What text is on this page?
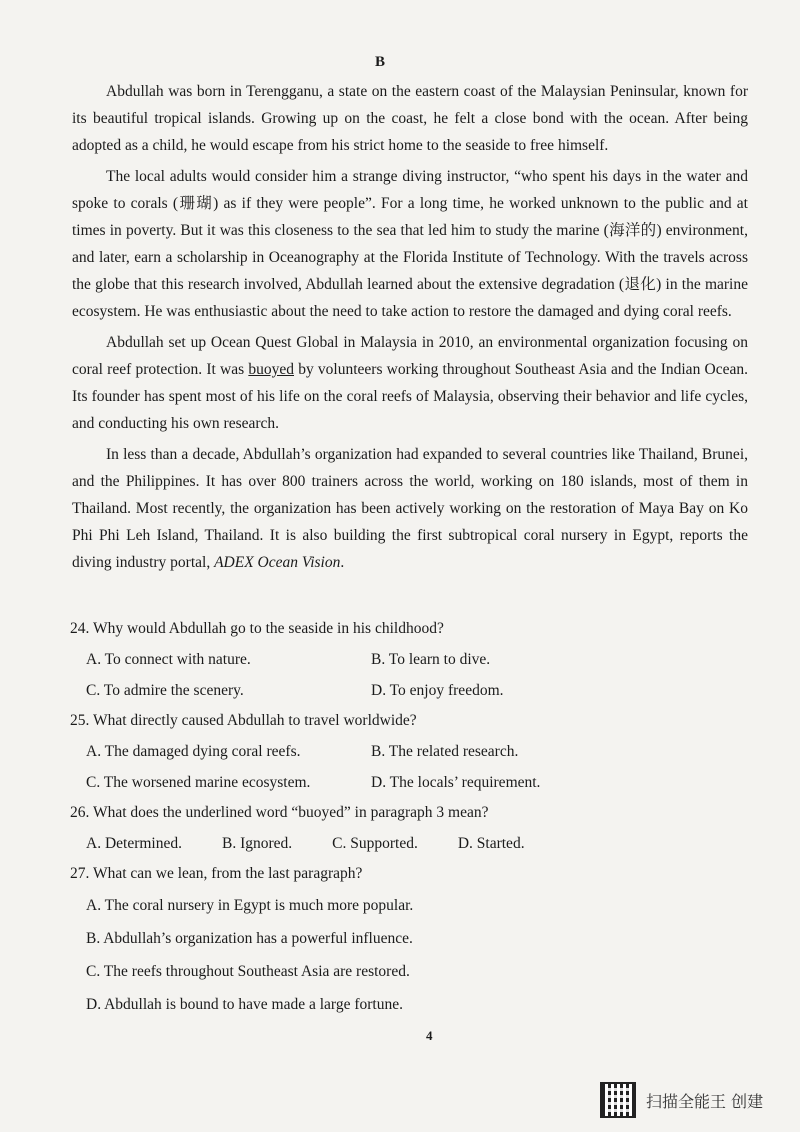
B

Abdullah was born in Terengganu, a state on the eastern coast of the Malaysian Peninsular, known for its beautiful tropical islands. Growing up on the coast, he felt a close bond with the ocean. After being adopted as a child, he would escape from his strict home to the seaside to free himself.

The local adults would consider him a strange diving instructor, “who spent his days in the water and spoke to corals (珊瑚) as if they were people”. For a long time, he worked unknown to the public and at times in poverty. But it was this closeness to the sea that led him to study the marine (海洋的) environment, and later, earn a scholarship in Oceanography at the Florida Institute of Technology. With the travels across the globe that this research involved, Abdullah learned about the extensive degradation (退化) in the marine ecosystem. He was enthusiastic about the need to take action to restore the damaged and dying coral reefs.

Abdullah set up Ocean Quest Global in Malaysia in 2010, an environmental organization focusing on coral reef protection. It was buoyed by volunteers working throughout Southeast Asia and the Indian Ocean. Its founder has spent most of his life on the coral reefs of Malaysia, observing their behavior and life cycles, and conducting his own research.

In less than a decade, Abdullah’s organization had expanded to several countries like Thailand, Brunei, and the Philippines. It has over 800 trainers across the world, working on 180 islands, most of them in Thailand. Most recently, the organization has been actively working on the restoration of Maya Bay on Ko Phi Phi Leh Island, Thailand. It is also building the first subtropical coral nursery in Egypt, reports the diving industry portal, ADEX Ocean Vision.

24. Why would Abdullah go to the seaside in his childhood?

A. To connect with nature.	B. To learn to dive.
C. To admire the scenery.	D. To enjoy freedom.

25. What directly caused Abdullah to travel worldwide?

A. The damaged dying coral reefs.	B. The related research.
C. The worsened marine ecosystem.	D. The locals’ requirement.

26. What does the underlined word “buoyed” in paragraph 3 mean?

A. Determined.	B. Ignored.	C. Supported.	D. Started.

27. What can we lean, from the last paragraph?

A. The coral nursery in Egypt is much more popular.
B. Abdullah’s organization has a powerful influence.
C. The reefs throughout Southeast Asia are restored.
D. Abdullah is bound to have made a large fortune.
4
扫描全能王 创建
